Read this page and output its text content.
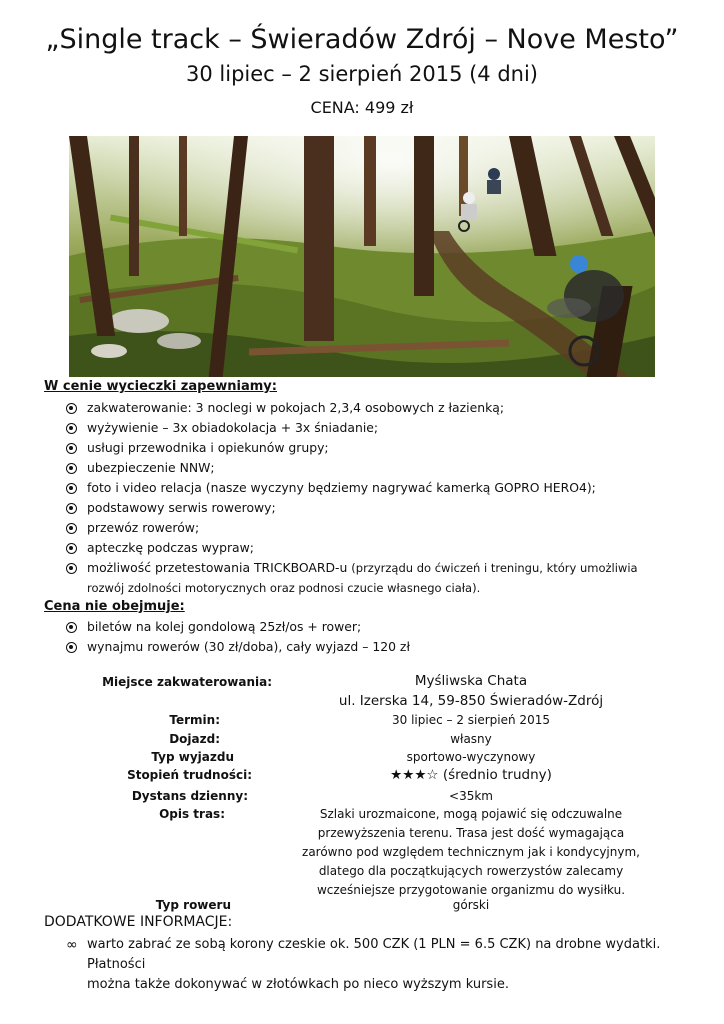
„Single track – Świeradów Zdrój – Nove Mesto”
30 lipiec – 2 sierpień 2015 (4 dni)
CENA: 499 zł
W cenie wycieczki zapewniamy:
zakwaterowanie: 3 noclegi w pokojach 2,3,4 osobowych z łazienką;
wyżywienie – 3x obiadokolacja + 3x śniadanie;
usługi przewodnika i opiekunów grupy;
ubezpieczenie NNW;
foto i video relacja (nasze wyczyny będziemy nagrywać kamerką GOPRO HERO4);
podstawowy serwis rowerowy;
przewóz rowerów;
apteczkę podczas wypraw;
możliwość przetestowania TRICKBOARD-u (przyrządu do ćwiczeń i treningu, który umożliwia
rozwój zdolności motorycznych oraz podnosi czucie własnego ciała).
Cena nie obejmuje:
biletów na kolej gondolową 25zł/os + rower;
wynajmu rowerów (30 zł/doba), cały wyjazd – 120 zł
Miejsce zakwaterowania:	Myśliwska Chata
ul. Izerska 14, 59-850 Świeradów-Zdrój
Termin:	30 lipiec – 2 sierpień 2015
Dojazd:	własny
Typ wyjazdu	sportowo-wyczynowy
Stopień trudności:	★★★☆ (średnio trudny)
Dystans dzienny:	<35km
Opis tras:	Szlaki urozmaicone, mogą pojawić się odczuwalne
przewyższenia terenu. Trasa jest dość wymagająca
zarówno pod względem technicznym jak i kondycyjnym,
dlatego dla początkujących rowerzystów zalecamy
wcześniejsze przygotowanie organizmu do wysiłku.
Typ roweru	górski
DODATKOWE INFORMACJE:
∞ warto zabrać ze sobą korony czeskie ok. 500 CZK (1 PLN = 6.5 CZK) na drobne wydatki. Płatności
można także dokonywać w złotówkach po nieco wyższym kursie.
